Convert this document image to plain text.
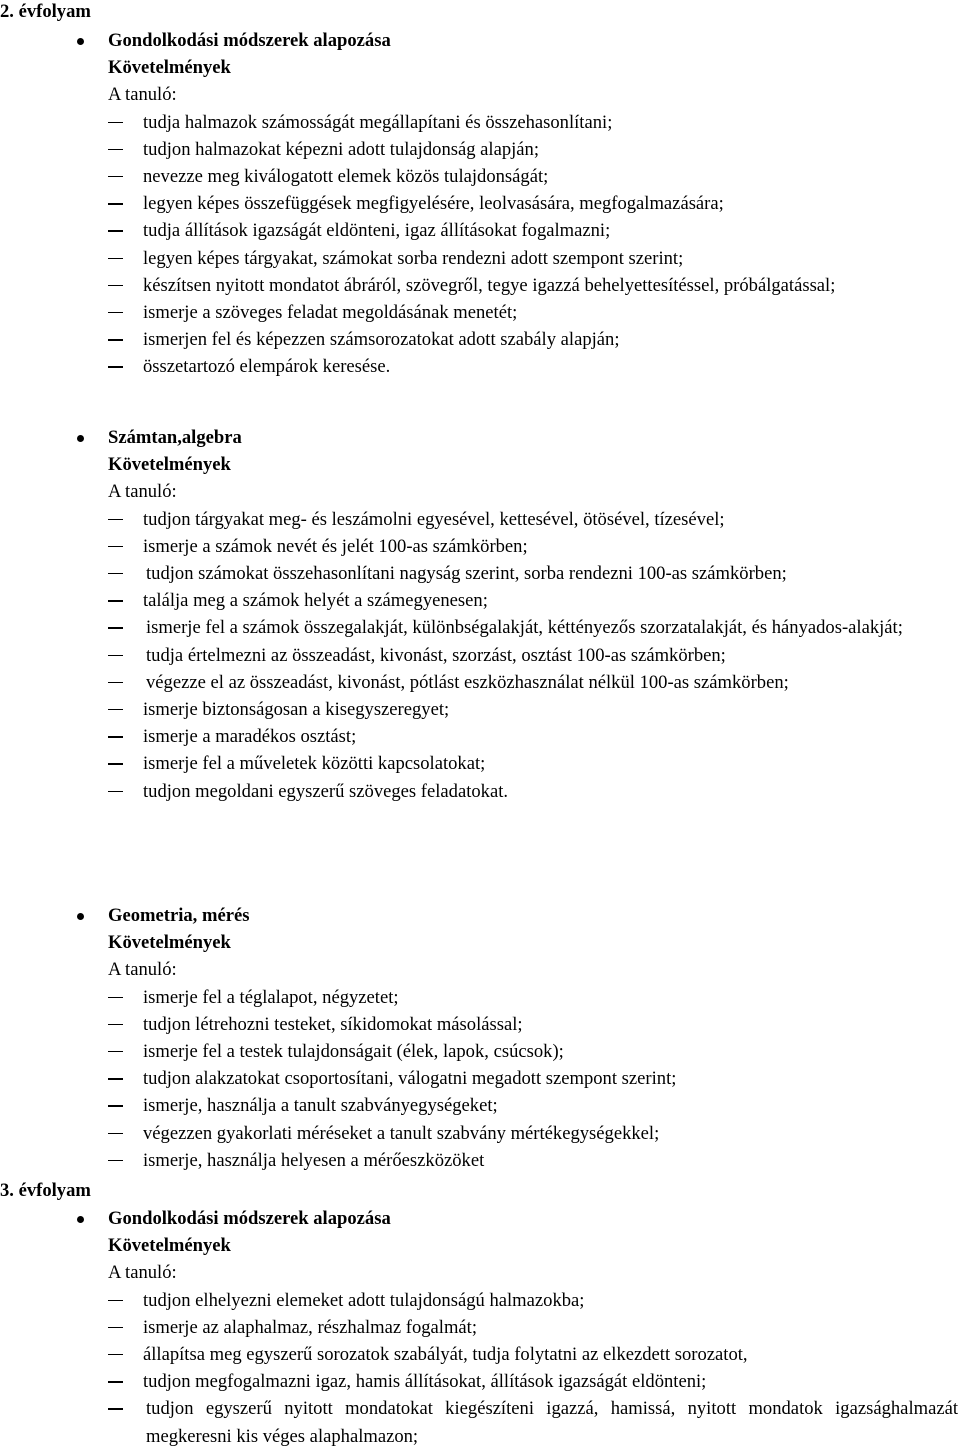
2. évfolyam
Gondolkodási módszerek alapozása
Követelmények
A tanuló:
tudja halmazok számosságát megállapítani és összehasonlítani;
tudjon halmazokat képezni adott tulajdonság alapján;
nevezze meg kiválogatott elemek közös tulajdonságát;
legyen képes összefüggések megfigyelésére, leolvasására, megfogalmazására;
tudja állítások igazságát eldönteni, igaz állításokat fogalmazni;
legyen képes tárgyakat, számokat sorba rendezni adott szempont szerint;
készítsen nyitott mondatot ábráról, szövegről, tegye igazzá behelyettesítéssel, próbálgatással;
ismerje a szöveges feladat megoldásának menetét;
ismerjen fel és képezzen számsorozatokat adott szabály alapján;
összetartozó elempárok keresése.
Számtan,algebra
Követelmények
A tanuló:
tudjon tárgyakat meg- és leszámolni egyesével, kettesével, ötösével, tízesével;
ismerje a számok nevét és jelét 100-as számkörben;
tudjon számokat összehasonlítani nagyság szerint, sorba rendezni 100-as számkörben;
találja meg a számok helyét a számegyenesen;
ismerje fel a számok összegalakját, különbségalakját, kéttényezős szorzatalakját, és hányados-alakját;
tudja értelmezni az összeadást, kivonást, szorzást, osztást 100-as számkörben;
végezze el az összeadást, kivonást, pótlást eszközhasználat nélkül 100-as számkörben;
ismerje biztonságosan a kisegyszeregyet;
ismerje a maradékos osztást;
ismerje fel a műveletek közötti kapcsolatokat;
tudjon megoldani egyszerű szöveges feladatokat.
Geometria, mérés
Követelmények
A tanuló:
ismerje fel a téglalapot, négyzetet;
tudjon létrehozni testeket, síkidomokat másolással;
ismerje fel a testek tulajdonságait (élek, lapok, csúcsok);
tudjon alakzatokat csoportosítani, válogatni megadott szempont szerint;
ismerje, használja a tanult szabványegységeket;
végezzen gyakorlati méréseket a tanult szabvány mértékegységekkel;
ismerje, használja helyesen a mérőeszközöket
3. évfolyam
Gondolkodási módszerek alapozása
Követelmények
A tanuló:
tudjon elhelyezni elemeket adott tulajdonságú halmazokba;
ismerje az alaphalmaz, részhalmaz fogalmát;
állapítsa meg egyszerű sorozatok szabályát, tudja folytatni az elkezdett sorozatot,
tudjon megfogalmazni igaz, hamis állításokat, állítások igazságát eldönteni;
tudjon egyszerű nyitott mondatokat kiegészíteni igazzá, hamissá, nyitott mondatok igazsághalmazát megkeresni kis véges alaphalmazon;
